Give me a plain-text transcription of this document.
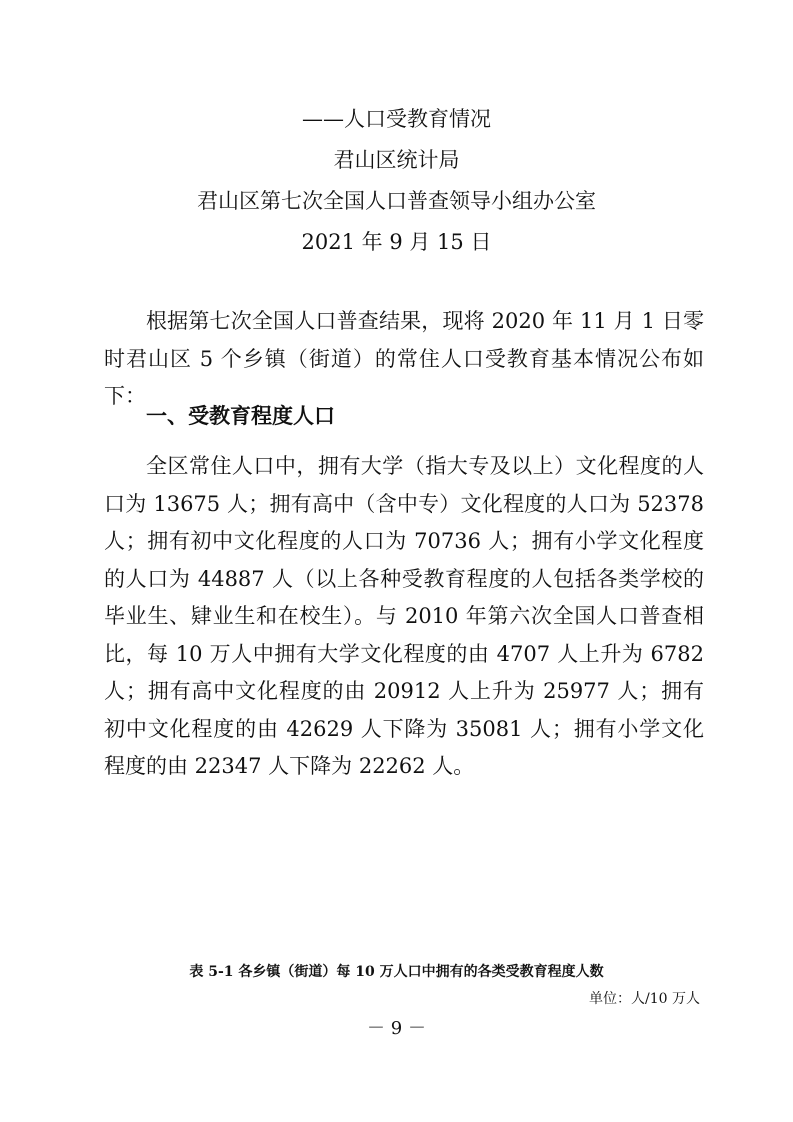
——人口受教育情况
君山区统计局
君山区第七次全国人口普查领导小组办公室
2021 年 9 月 15 日

根据第七次全国人口普查结果，现将 2020 年 11 月 1 日零时君山区 5 个乡镇（街道）的常住人口受教育基本情况公布如下：

一、受教育程度人口

全区常住人口中，拥有大学（指大专及以上）文化程度的人口为 13675 人；拥有高中（含中专）文化程度的人口为 52378 人；拥有初中文化程度的人口为 70736 人；拥有小学文化程度的人口为 44887 人（以上各种受教育程度的人包括各类学校的毕业生、肄业生和在校生）。与 2010 年第六次全国人口普查相比，每 10 万人中拥有大学文化程度的由 4707 人上升为 6782 人；拥有高中文化程度的由 20912 人上升为 25977 人；拥有初中文化程度的由 42629 人下降为 35081 人；拥有小学文化程度的由 22347 人下降为 22262 人。

表 5-1 各乡镇（街道）每 10 万人口中拥有的各类受教育程度人数
单位：人/10 万人
－ 9 －
